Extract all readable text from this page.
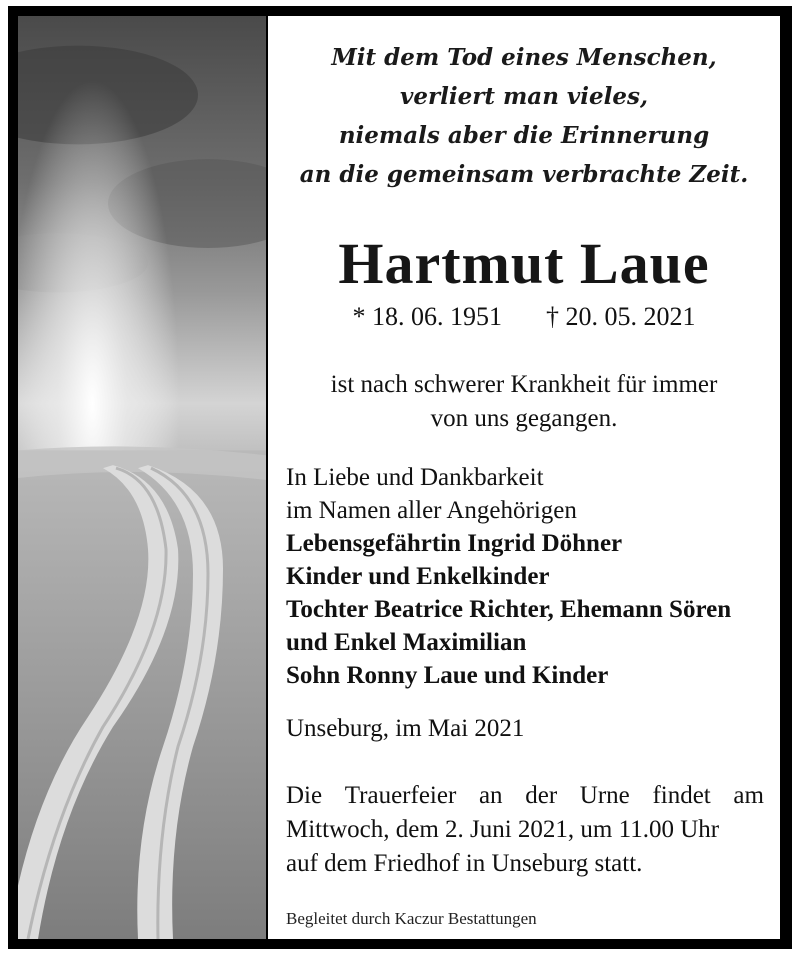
Mit dem Tod eines Menschen,
verliert man vieles,
niemals aber die Erinnerung
an die gemeinsam verbrachte Zeit.
Hartmut Laue
* 18. 06. 1951 † 20. 05. 2021
ist nach schwerer Krankheit für immer
von uns gegangen.
In Liebe und Dankbarkeit
im Namen aller Angehörigen
Lebensgefährtin Ingrid Döhner
Kinder und Enkelkinder
Tochter Beatrice Richter, Ehemann Sören
und Enkel Maximilian
Sohn Ronny Laue und Kinder
Unseburg, im Mai 2021
Die Trauerfeier an der Urne findet am
Mittwoch, dem 2. Juni 2021, um 11.00 Uhr
auf dem Friedhof in Unseburg statt.
Begleitet durch Kaczur Bestattungen
